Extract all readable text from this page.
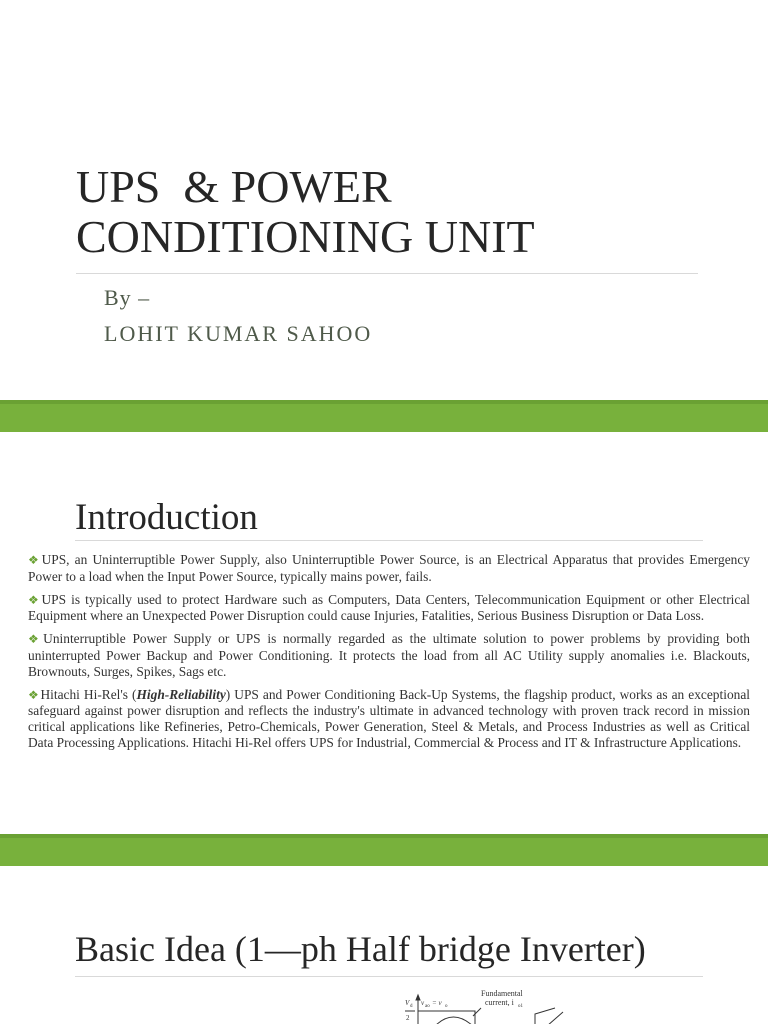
UPS  & POWER
CONDITIONING UNIT

By –

LOHIT KUMAR SAHOO

Introduction
❖UPS, an Uninterruptible Power Supply, also Uninterruptible Power Source, is an Electrical Apparatus that provides Emergency Power to a load when the Input Power Source, typically mains power, fails.
❖UPS is typically used to protect Hardware such as Computers, Data Centers, Telecommunication Equipment or other Electrical Equipment where an Unexpected Power Disruption could cause Injuries, Fatalities, Serious Business Disruption or Data Loss.
❖Uninterruptible Power Supply or UPS is normally regarded as the ultimate solution to power problems by providing both uninterrupted Power Backup and Power Conditioning. It protects the load from all AC Utility supply anomalies i.e. Blackouts, Brownouts, Surges, Spikes, Sags etc.
❖Hitachi Hi-Rel's (High-Reliability) UPS and Power Conditioning Back-Up Systems, the flagship product, works as an exceptional safeguard against power disruption and reflects the industry's ultimate in advanced technology with proven track record in mission critical applications like Refineries, Petro-Chemicals, Power Generation, Steel & Metals, and Process Industries as well as Critical Data Processing Applications. Hitachi Hi-Rel offers UPS for Industrial, Commercial & Process and IT & Infrastructure Applications.
Basic Idea (1—ph Half bridge Inverter)
Fundamental
current, i o1
V d
2
v ao = v o
